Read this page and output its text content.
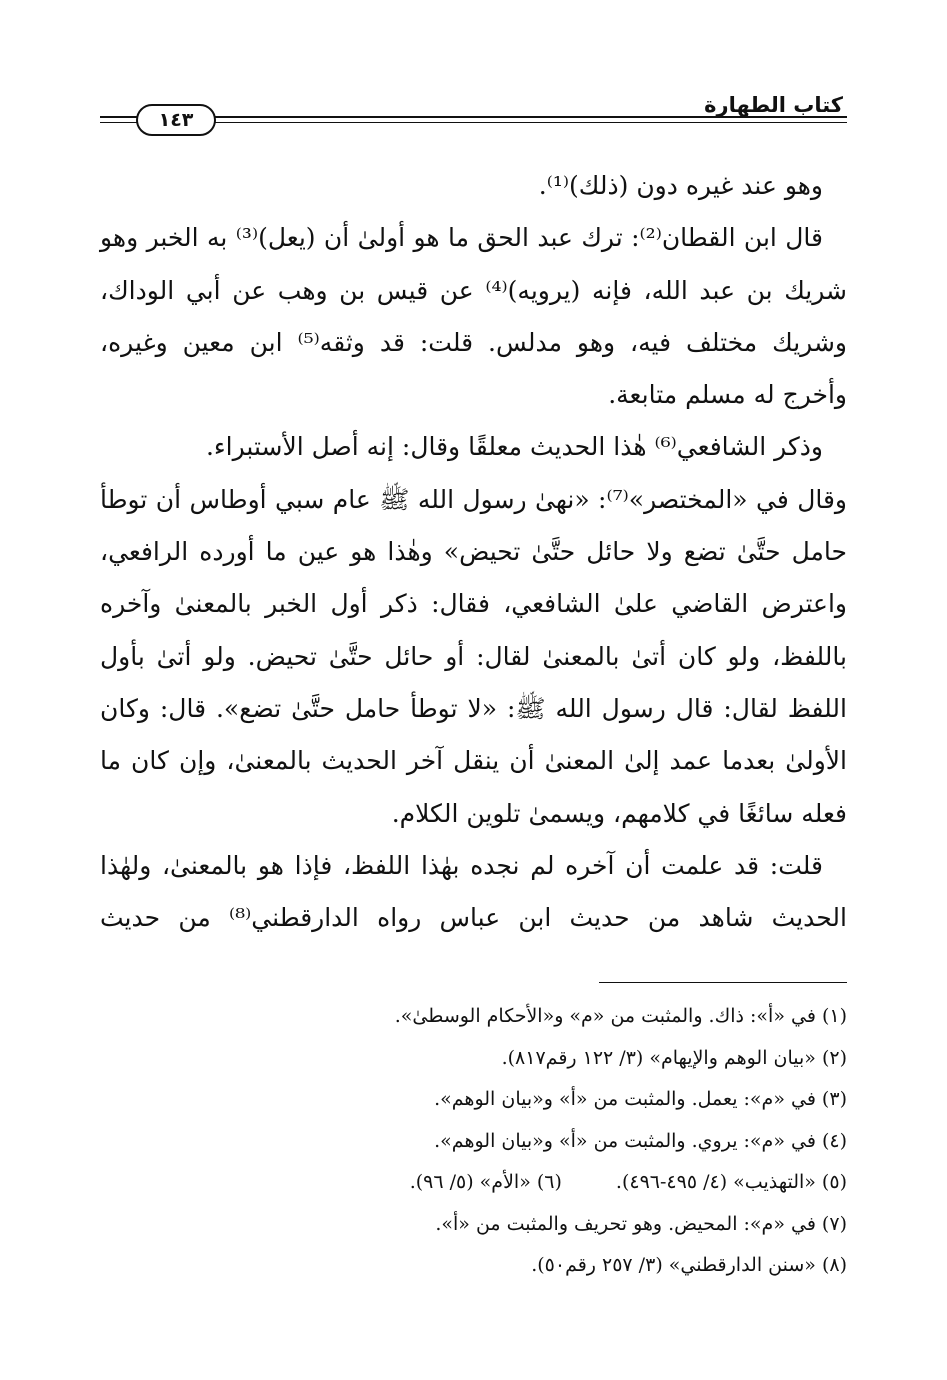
كتاب الطهارة
١٤٣

وهو عند غيره دون (ذلك)⁽¹⁾.

قال ابن القطان⁽²⁾: ترك عبد الحق ما هو أولىٰ أن (يعل)⁽³⁾ به الخبر وهو شريك بن عبد الله، فإنه (يرويه)⁽⁴⁾ عن قيس بن وهب عن أبي الوداك، وشريك مختلف فيه، وهو مدلس. قلت: قد وثقه⁽⁵⁾ ابن معين وغيره، وأخرج له مسلم متابعة.

وذكر الشافعي⁽⁶⁾ هٰذا الحديث معلقًا وقال: إنه أصل الأستبراء.

وقال في «المختصر»⁽⁷⁾: «نهىٰ رسول الله ﷺ عام سبي أوطاس أن توطأ حامل حتَّىٰ تضع ولا حائل حتَّىٰ تحيض» وهٰذا هو عين ما أورده الرافعي، واعترض القاضي علىٰ الشافعي، فقال: ذكر أول الخبر بالمعنىٰ وآخره باللفظ، ولو كان أتىٰ بالمعنىٰ لقال: أو حائل حتَّىٰ تحيض. ولو أتىٰ بأول اللفظ لقال: قال رسول الله ﷺ: «لا توطأ حامل حتَّىٰ تضع». قال: وكان الأولىٰ بعدما عمد إلىٰ المعنىٰ أن ينقل آخر الحديث بالمعنىٰ، وإن كان ما فعله سائغًا في كلامهم، ويسمىٰ تلوين الكلام.

قلت: قد علمت أن آخره لم نجده بهٰذا اللفظ، فإذا هو بالمعنىٰ، ولهٰذا الحديث شاهد من حديث ابن عباس رواه الدارقطني⁽⁸⁾ من حديث

(١) في «أ»: ذاك. والمثبت من «م» و«الأحكام الوسطىٰ».
(٢) «بيان الوهم والإيهام» (٣/ ١٢٢ رقم٨١٧).
(٣) في «م»: يعمل. والمثبت من «أ» و«بيان الوهم».
(٤) في «م»: يروي. والمثبت من «أ» و«بيان الوهم».
(٥) «التهذيب» (٤/ ٤٩٥-٤٩٦).(٦) «الأم» (٥/ ٩٦).
(٧) في «م»: المحيض. وهو تحريف والمثبت من «أ».
(٨) «سنن الدارقطني» (٣/ ٢٥٧ رقم٥٠).
